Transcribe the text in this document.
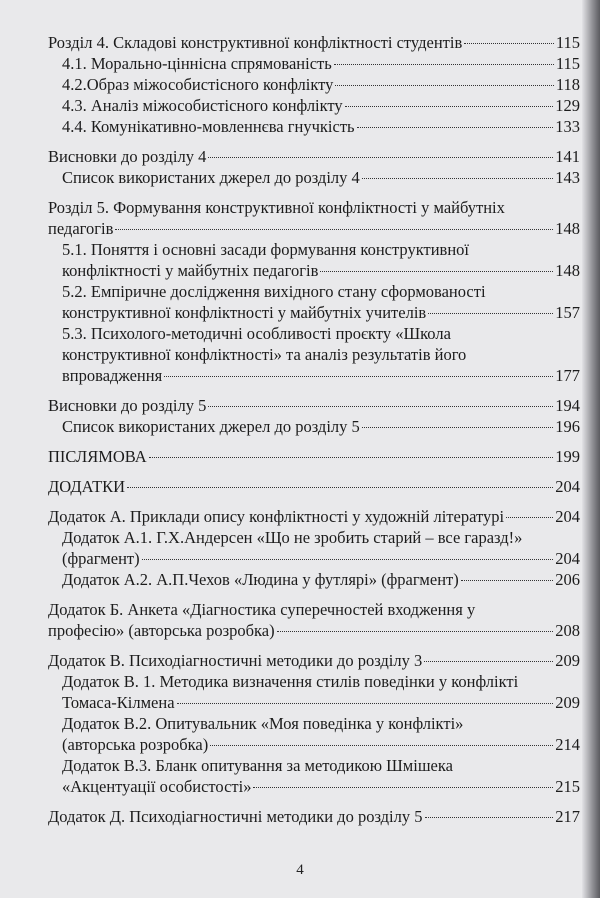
Розділ 4. Складові конструктивної конфліктності студентів	115
4.1. Морально-ціннісна спрямованість	115
4.2.Образ міжособистісного конфлікту	118
4.3. Аналіз міжособистісного конфлікту	129
4.4. Комунікативно-мовленнєва гнучкість	133
Висновки до розділу 4	141
Список використаних джерел до розділу 4	143
Розділ 5. Формування конструктивної конфліктності у майбутніх
педагогів	148
5.1. Поняття і основні засади формування конструктивної
конфліктності у майбутніх педагогів	148
5.2. Емпіричне дослідження вихідного стану сформованості
конструктивної конфліктності у майбутніх учителів	157
5.3. Психолого-методичні особливості проєкту «Школа
конструктивної конфліктності» та аналіз результатів його
впровадження	177
Висновки до розділу 5	194
Список використаних джерел до розділу 5	196
ПІСЛЯМОВА	199
ДОДАТКИ	204
Додаток А. Приклади опису конфліктності у художній літературі	204
Додаток А.1. Г.Х.Андерсен «Що не зробить старий – все гаразд!»
(фрагмент)	204
Додаток А.2. А.П.Чехов «Людина у футлярі» (фрагмент)	206
Додаток Б. Анкета «Діагностика суперечностей входження у
професію» (авторська розробка)	208
Додаток В. Психодіагностичні методики до розділу 3	209
Додаток В. 1. Методика визначення стилів поведінки у конфлікті
Томаса-Кілмена	209
Додаток В.2. Опитувальник «Моя поведінка у конфлікті»
(авторська розробка)	214
Додаток В.3. Бланк опитування за методикою Шмішека
«Акцентуації особистості»	215
Додаток Д. Психодіагностичні методики до розділу 5	217
4
